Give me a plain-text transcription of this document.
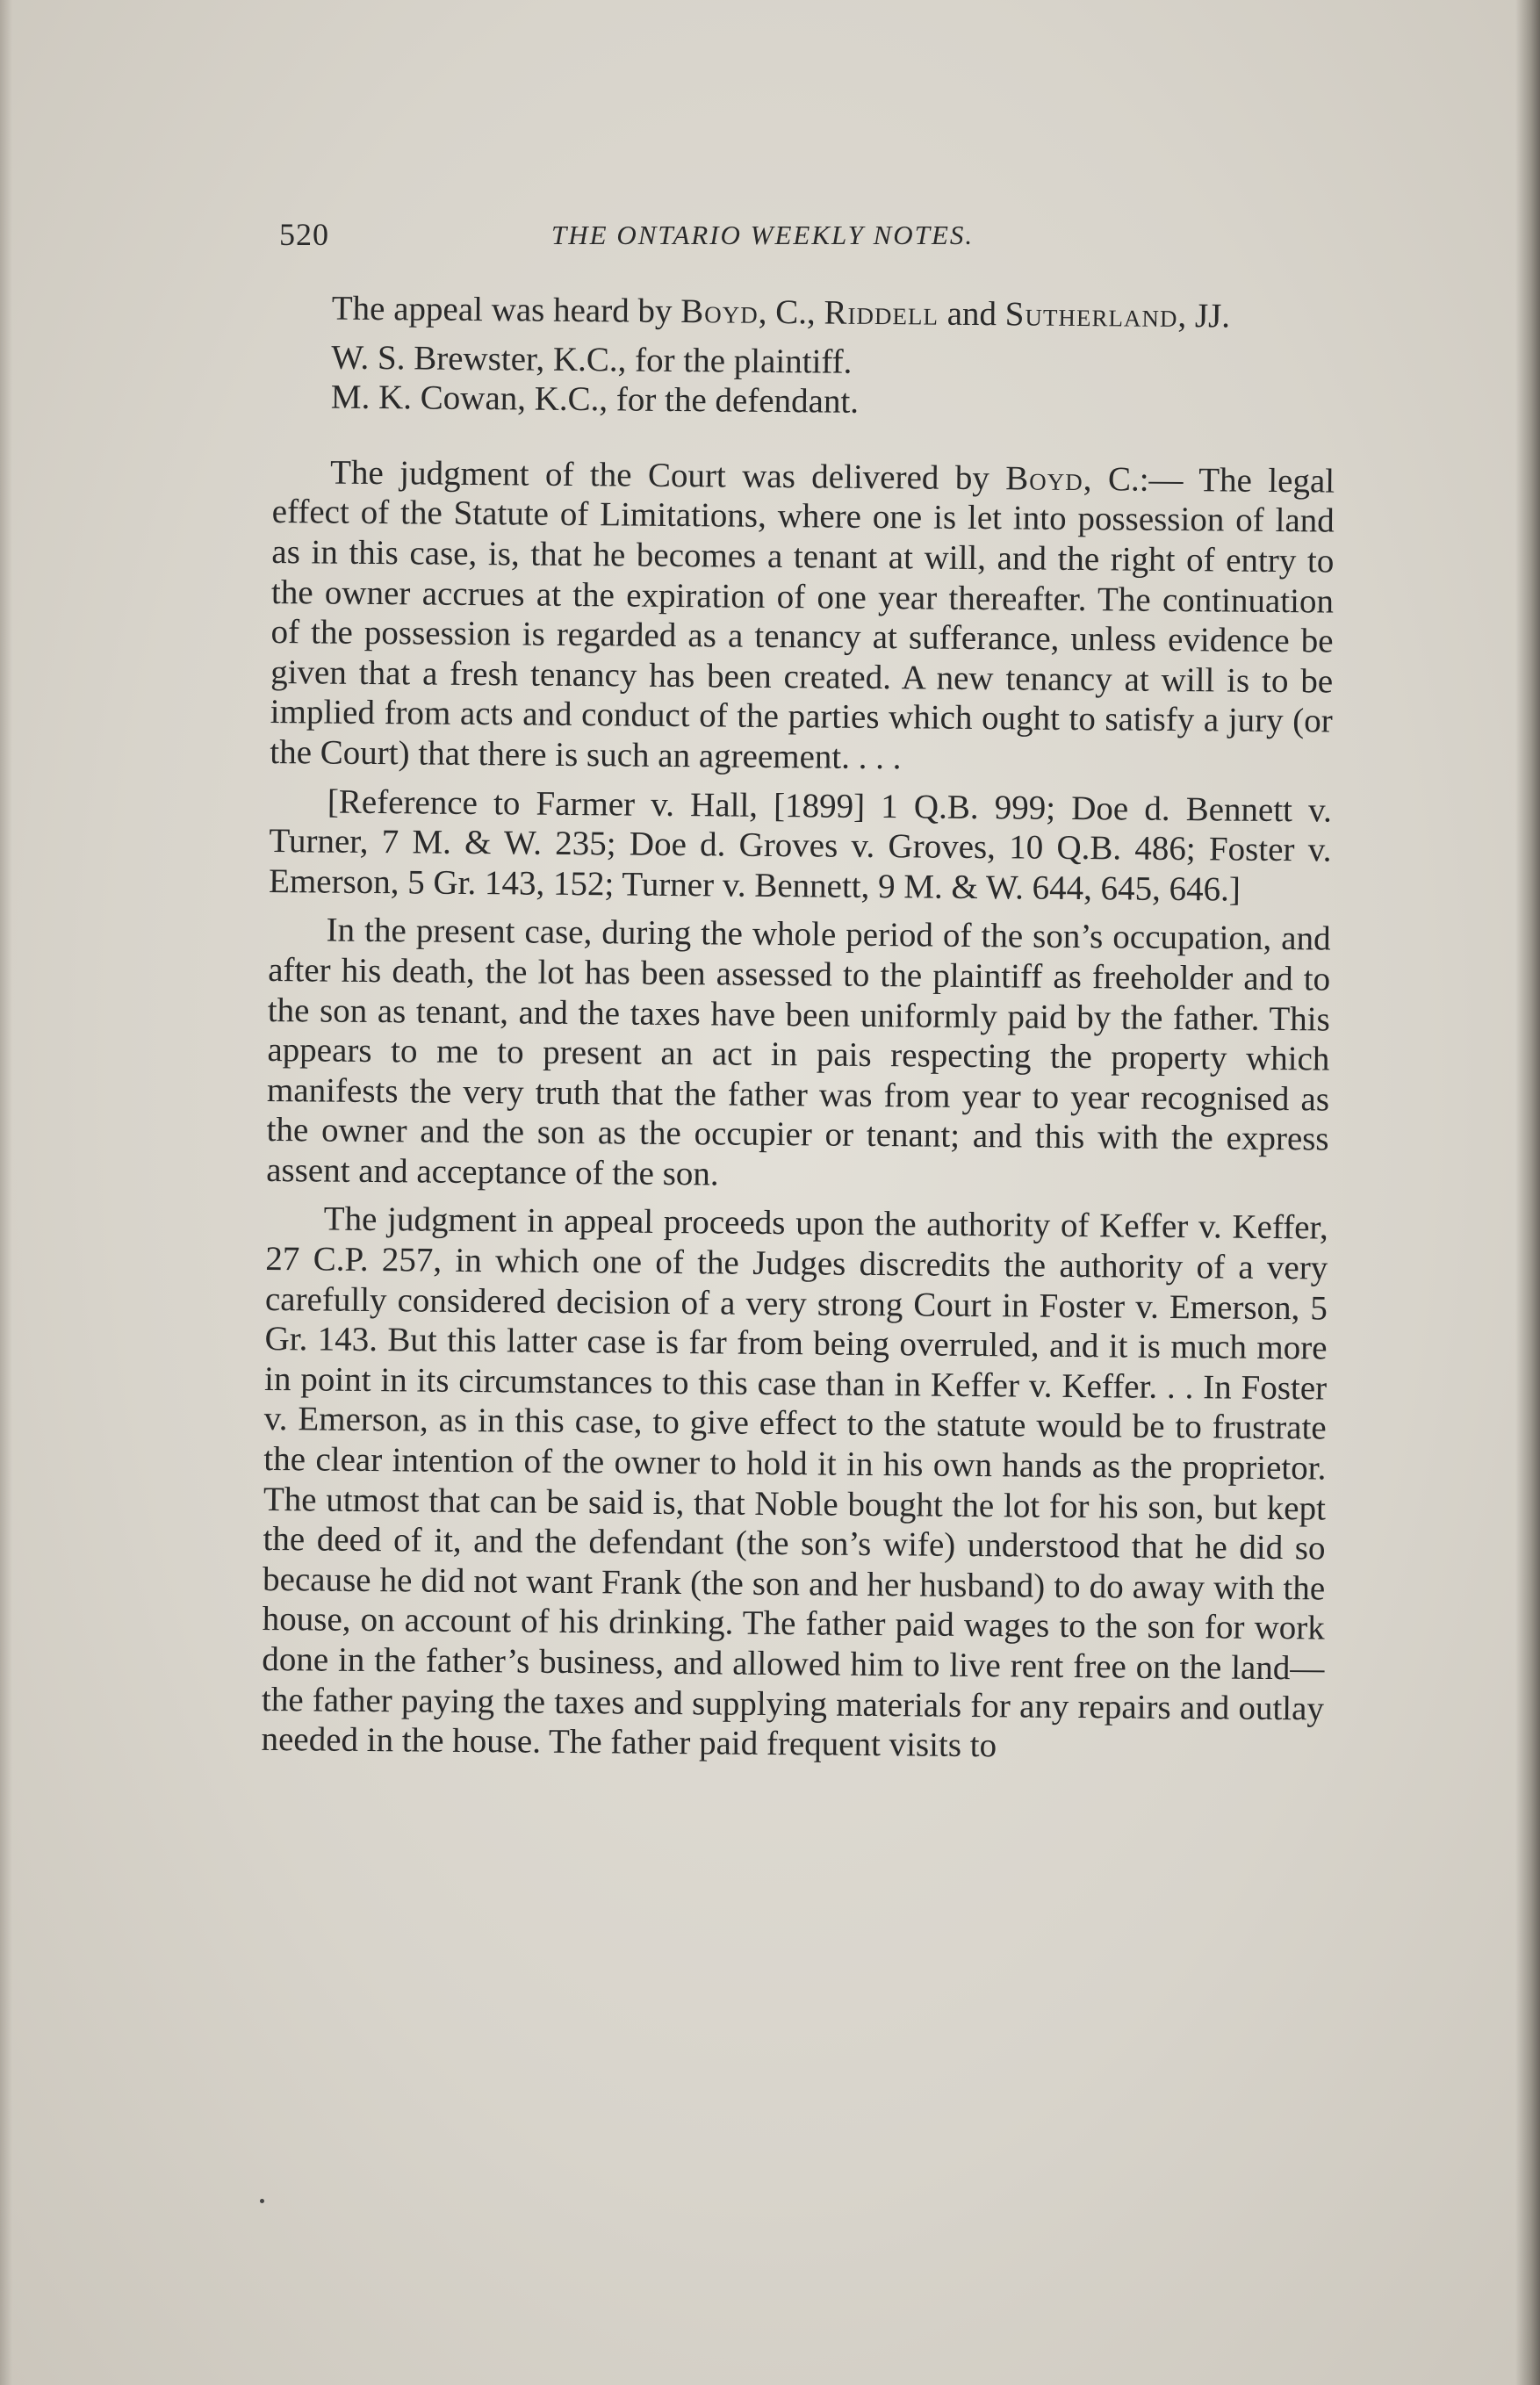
520	THE ONTARIO WEEKLY NOTES.

The appeal was heard by Boyd, C., Riddell and Sutherland, JJ.

W. S. Brewster, K.C., for the plaintiff.

M. K. Cowan, K.C., for the defendant.

The judgment of the Court was delivered by Boyd, C.:— The legal effect of the Statute of Limitations, where one is let into possession of land as in this case, is, that he becomes a tenant at will, and the right of entry to the owner accrues at the expiration of one year thereafter. The continuation of the possession is regarded as a tenancy at sufferance, unless evidence be given that a fresh tenancy has been created. A new tenancy at will is to be implied from acts and conduct of the parties which ought to satisfy a jury (or the Court) that there is such an agreement. . . .

[Reference to Farmer v. Hall, [1899] 1 Q.B. 999; Doe d. Bennett v. Turner, 7 M. & W. 235; Doe d. Groves v. Groves, 10 Q.B. 486; Foster v. Emerson, 5 Gr. 143, 152; Turner v. Bennett, 9 M. & W. 644, 645, 646.]

In the present case, during the whole period of the son’s occupation, and after his death, the lot has been assessed to the plaintiff as freeholder and to the son as tenant, and the taxes have been uniformly paid by the father. This appears to me to present an act in pais respecting the property which manifests the very truth that the father was from year to year recognised as the owner and the son as the occupier or tenant; and this with the express assent and acceptance of the son.

The judgment in appeal proceeds upon the authority of Keffer v. Keffer, 27 C.P. 257, in which one of the Judges discredits the authority of a very carefully considered decision of a very strong Court in Foster v. Emerson, 5 Gr. 143. But this latter case is far from being overruled, and it is much more in point in its circumstances to this case than in Keffer v. Keffer. . . In Foster v. Emerson, as in this case, to give effect to the statute would be to frustrate the clear intention of the owner to hold it in his own hands as the proprietor. The utmost that can be said is, that Noble bought the lot for his son, but kept the deed of it, and the defendant (the son’s wife) understood that he did so because he did not want Frank (the son and her husband) to do away with the house, on account of his drinking. The father paid wages to the son for work done in the father’s business, and allowed him to live rent free on the land—the father paying the taxes and supplying materials for any repairs and outlay needed in the house. The father paid frequent visits to
